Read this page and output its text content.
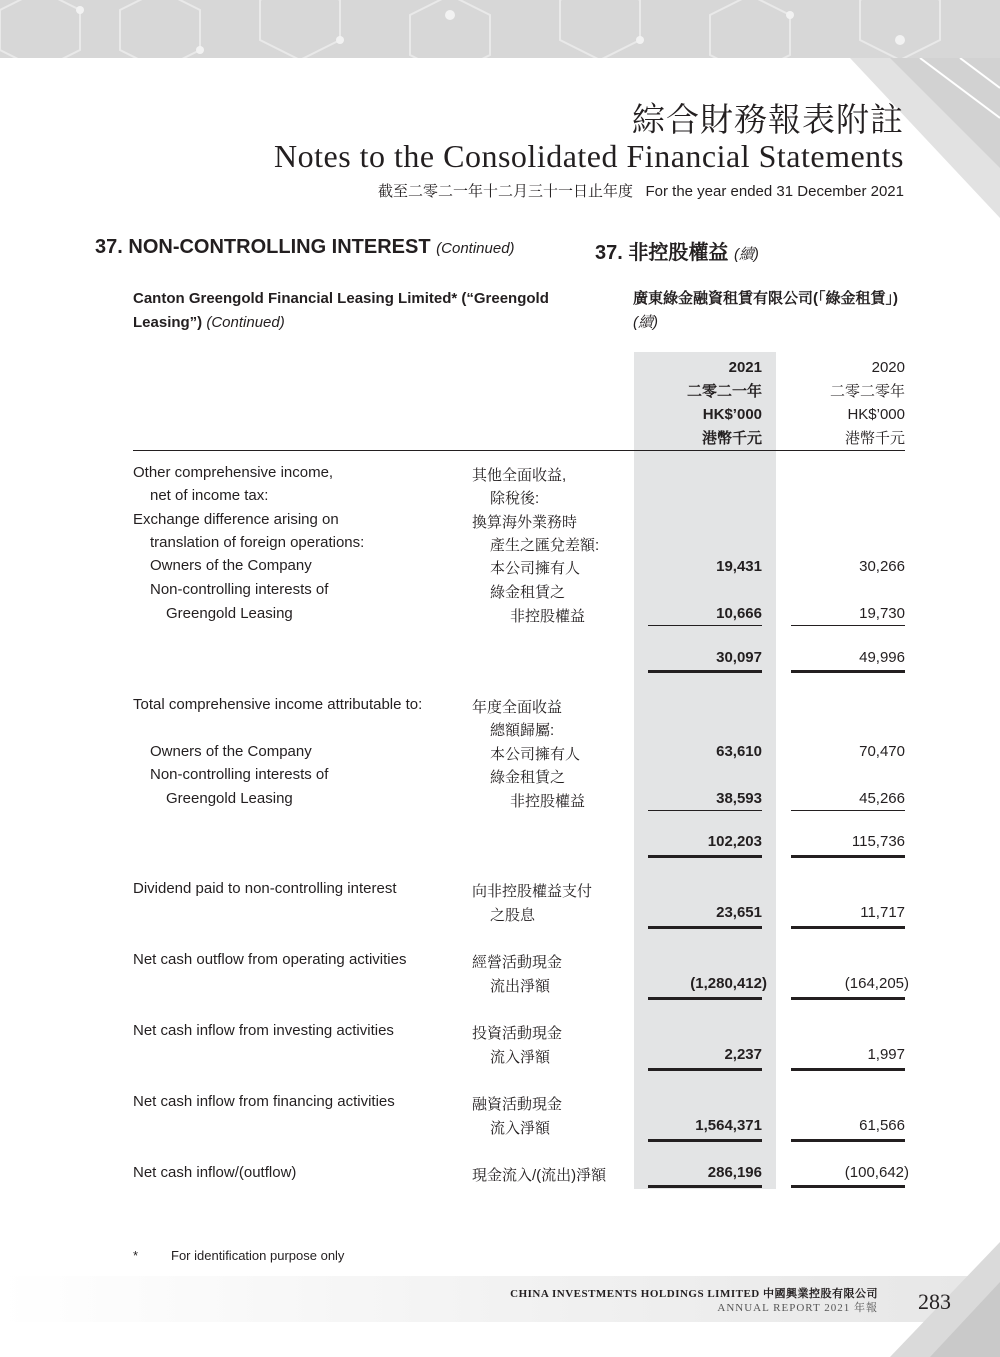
綜合財務報表附註
Notes to the Consolidated Financial Statements
截至二零二一年十二月三十一日止年度 For the year ended 31 December 2021
37. NON-CONTROLLING INTEREST (Continued)	37. 非控股權益 (續)
Canton Greengold Financial Leasing Limited* (“Greengold Leasing”) (Continued)
廣東綠金融資租賃有限公司(「綠金租賃」) (續)
2021
二零二一年
HK$’000
港幣千元
2020
二零二零年
HK$’000
港幣千元
Other comprehensive income,
net of income tax:
Exchange difference arising on
translation of foreign operations:
Owners of the Company
Non-controlling interests of
Greengold Leasing
Total comprehensive income attributable to:
Owners of the Company
Non-controlling interests of
Greengold Leasing
Dividend paid to non-controlling interest
Net cash outflow from operating activities
Net cash inflow from investing activities
Net cash inflow from financing activities
Net cash inflow/(outflow)
其他全面收益,
除稅後:
換算海外業務時
產生之匯兌差額:
本公司擁有人
綠金租賃之
非控股權益
年度全面收益
總額歸屬:
本公司擁有人
綠金租賃之
非控股權益
向非控股權益支付
之股息
經營活動現金
流出淨額
投資活動現金
流入淨額
融資活動現金
流入淨額
現金流入/(流出)淨額
19,431
10,666
30,097
63,610
38,593
102,203
23,651
(1,280,412)
2,237
1,564,371
286,196
30,266
19,730
49,996
70,470
45,266
115,736
11,717
(164,205)
1,997
61,566
(100,642)
*	For identification purpose only
CHINA INVESTMENTS HOLDINGS LIMITED 中國興業控股有限公司
ANNUAL REPORT 2021 年報 283
